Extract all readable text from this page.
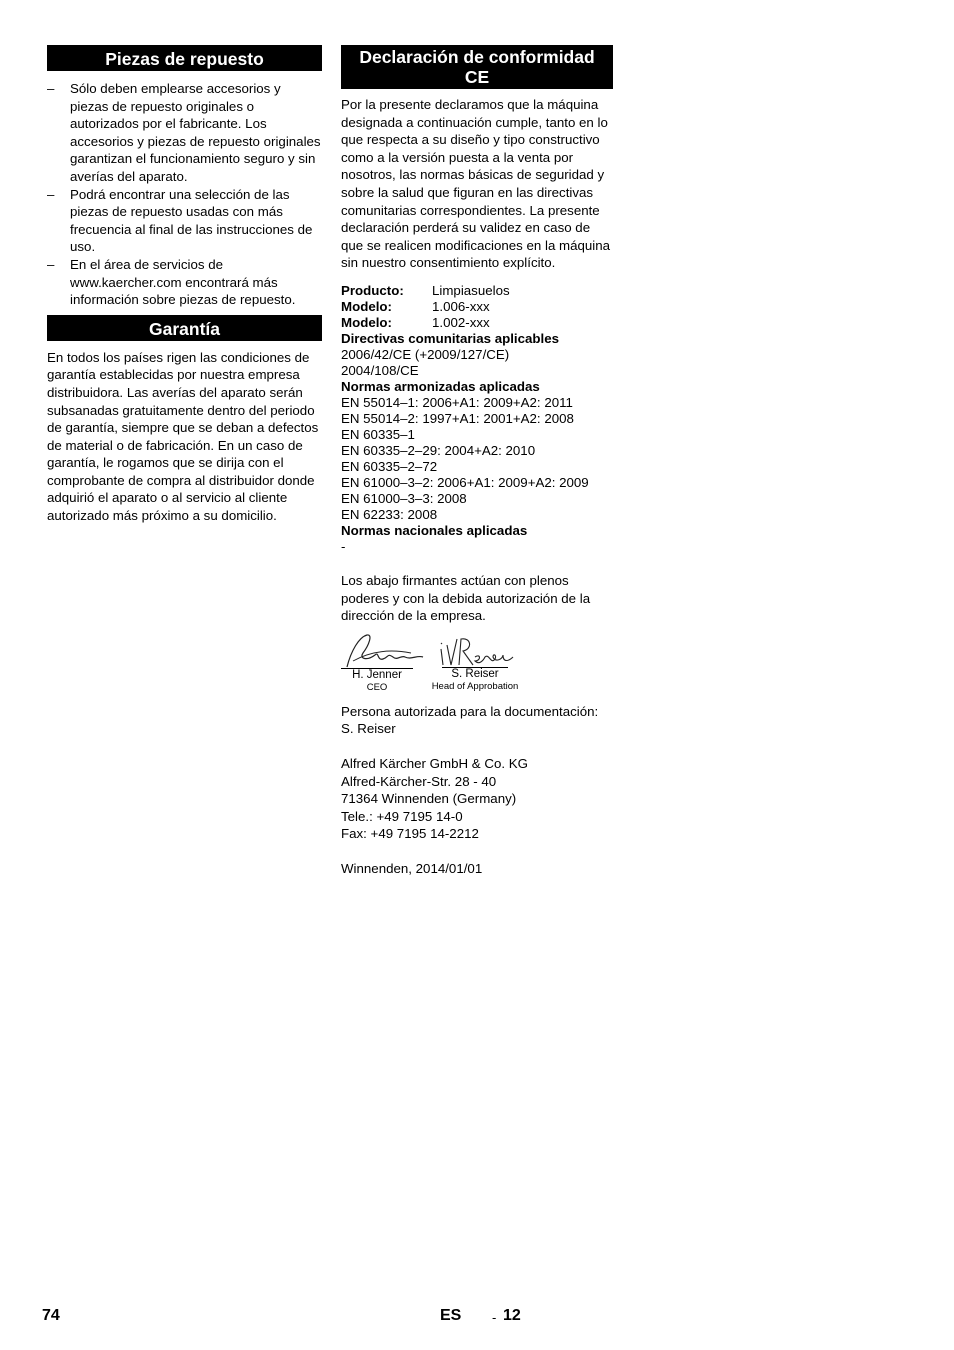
Piezas de repuesto
– Sólo deben emplearse accesorios y piezas de repuesto originales o autorizados por el fabricante. Los accesorios y piezas de repuesto originales garantizan el funcionamiento seguro y sin averías del aparato.
– Podrá encontrar una selección de las piezas de repuesto usadas con más frecuencia al final de las instrucciones de uso.
– En el área de servicios de www.kaercher.com encontrará más información sobre piezas de repuesto.
Garantía

En todos los países rigen las condiciones de garantía establecidas por nuestra empresa distribuidora. Las averías del aparato serán subsanadas gratuitamente dentro del periodo de garantía, siempre que se deban a defectos de material o de fabricación. En un caso de garantía, le rogamos que se dirija con el comprobante de compra al distribuidor donde adquirió el aparato o al servicio al cliente autorizado más próximo a su domicilio.

Declaración de conformidad
CE

Por la presente declaramos que la máquina designada a continuación cumple, tanto en lo que respecta a su diseño y tipo constructivo como a la versión puesta a la venta por nosotros, las normas básicas de seguridad y sobre la salud que figuran en las directivas comunitarias correspondientes. La presente declaración perderá su validez en caso de que se realicen modificaciones en la máquina sin nuestro consentimiento explícito.

Producto:	Limpiasuelos
Modelo:	1.006-xxx
Modelo:	1.002-xxx
Directivas comunitarias aplicables
2006/42/CE (+2009/127/CE)
2004/108/CE
Normas armonizadas aplicadas
EN 55014–1: 2006+A1: 2009+A2: 2011
EN 55014–2: 1997+A1: 2001+A2: 2008
EN 60335–1
EN 60335–2–29: 2004+A2: 2010
EN 60335–2–72
EN 61000–3–2: 2006+A1: 2009+A2: 2009
EN 61000–3–3: 2008
EN 62233: 2008
Normas nacionales aplicadas
-

Los abajo firmantes actúan con plenos poderes y con la debida autorización de la dirección de la empresa.

H. Jenner
CEO
S. Reiser
Head of Approbation

Persona autorizada para la documentación:

S. Reiser

Alfred Kärcher GmbH & Co. KG

Alfred-Kärcher-Str. 28 - 40

71364 Winnenden (Germany)

Tele.: +49 7195 14-0

Fax: +49 7195 14-2212

Winnenden, 2014/01/01

74	ES - 12
